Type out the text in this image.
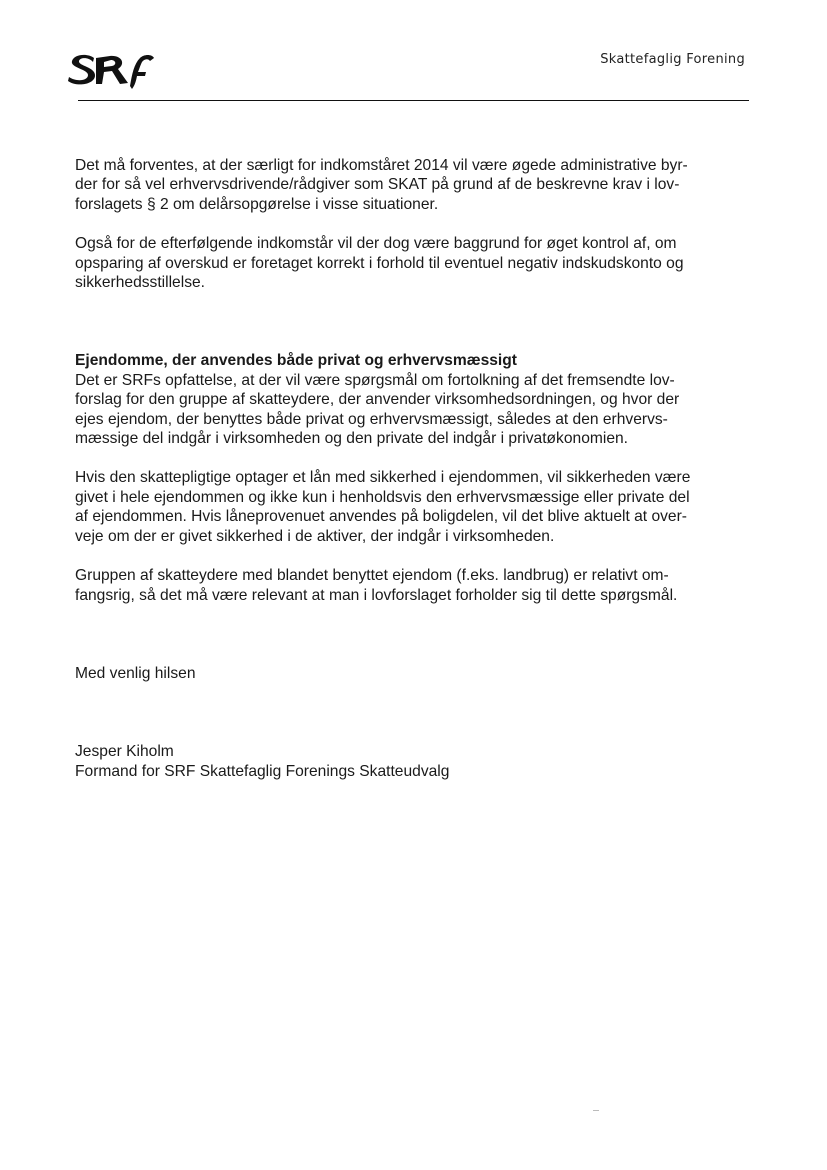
Skattefaglig Forening

Det må forventes, at der særligt for indkomståret 2014 vil være øgede administrative byr-
der for så vel erhvervsdrivende/rådgiver som SKAT på grund af de beskrevne krav i lov-
forslagets § 2 om delårsopgørelse i visse situationer.

Også for de efterfølgende indkomstår vil der dog være baggrund for øget kontrol af, om
opsparing af overskud er foretaget korrekt i forhold til eventuel negativ indskudskonto og
sikkerhedsstillelse.

Ejendomme, der anvendes både privat og erhvervsmæssigt
Det er SRFs opfattelse, at der vil være spørgsmål om fortolkning af det fremsendte lov-
forslag for den gruppe af skatteydere, der anvender virksomhedsordningen, og hvor der
ejes ejendom, der benyttes både privat og erhvervsmæssigt, således at den erhvervs-
mæssige del indgår i virksomheden og den private del indgår i privatøkonomien.

Hvis den skattepligtige optager et lån med sikkerhed i ejendommen, vil sikkerheden være
givet i hele ejendommen og ikke kun i henholdsvis den erhvervsmæssige eller private del
af ejendommen. Hvis låneprovenuet anvendes på boligdelen, vil det blive aktuelt at over-
veje om der er givet sikkerhed i de aktiver, der indgår i virksomheden.

Gruppen af skatteydere med blandet benyttet ejendom (f.eks. landbrug) er relativt om-
fangsrig, så det må være relevant at man i lovforslaget forholder sig til dette spørgsmål.

Med venlig hilsen

Jesper Kiholm
Formand for SRF Skattefaglig Forenings Skatteudvalg
